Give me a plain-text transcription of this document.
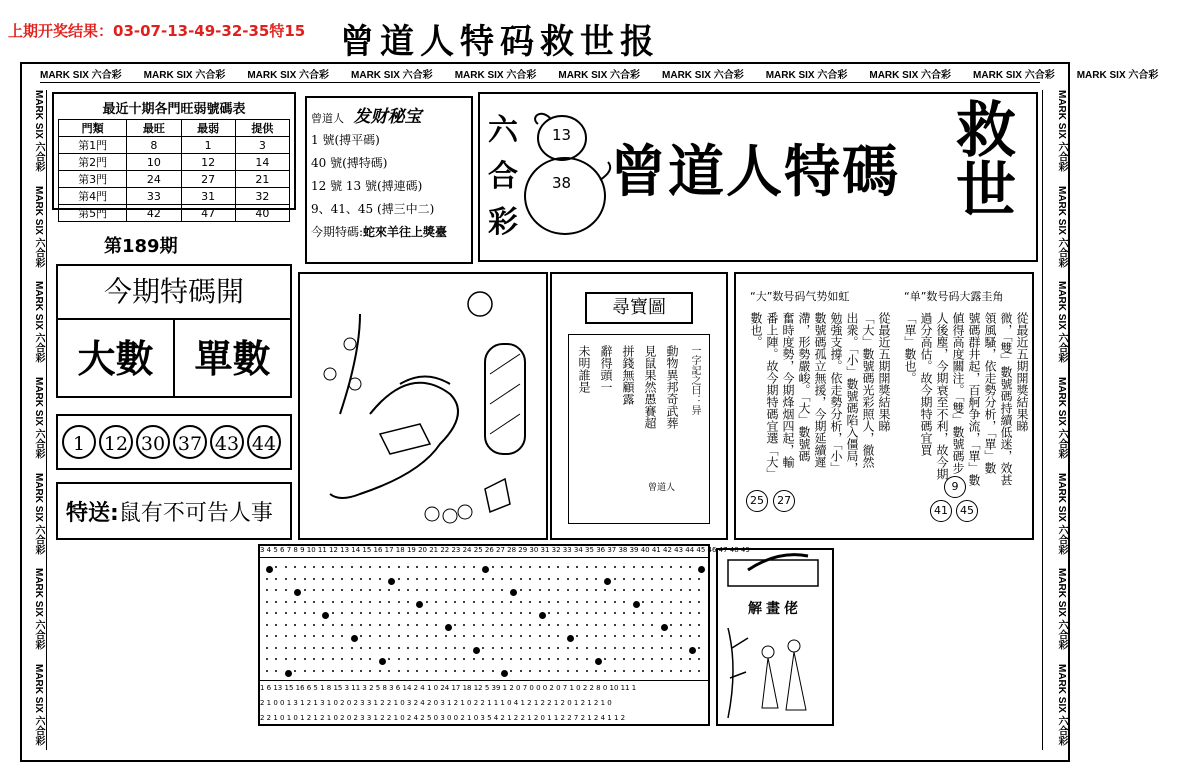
上期开奖结果：03-07-13-49-32-35特15 曾道人特码救世报
MARK SIX 六合彩 MARK SIX 六合彩 MARK SIX 六合彩 MARK SIX 六合彩 MARK SIX 六合彩 MARK SIX 六合彩 MARK SIX 六合彩 MARK SIX 六合彩 MARK SIX 六合彩 MARK SIX 六合彩 MARK SIX 六合彩
MARK SIX 六合彩MARK SIX 六合彩MARK SIX 六合彩MARK SIX 六合彩MARK SIX 六合彩MARK SIX 六合彩MARK SIX 六合彩
MARK SIX 六合彩MARK SIX 六合彩MARK SIX 六合彩MARK SIX 六合彩MARK SIX 六合彩MARK SIX 六合彩MARK SIX 六合彩
最近十期各門旺弱號碼表
門類	最旺	最弱	提供
第1門	8	1	3
第2門	10	12	14
第3門	24	27	21
第4門	33	31	32
第5門	42	47	40
曾道人 发财秘宝
1 號(搏平碼)
40 號(搏特碼)
12 號 13 號(搏連碼)
9、41、45 (搏三中二)
今期特碼:蛇來羊往上獎臺
六
合
彩
13
38 曾道人特碼 救世
第189期
今期特碼開
大數	單數
1 12 30 37 43 44
特送:鼠有不可告人事
尋寶圖
一字記之曰：异
動物異邦奇武葬
見鼠果然愚賽超
拼錢無顧露
辭得頭一
未明誰是
曾道人
“大”数号码气势如虹	“单”数号码大露圭角
從最近五期開獎結果睇
「大」數號碼光彩照人，徹然
出衆。「小」數號碼陷入僵局，
勉強支撐。依走勢分析，「小」
數號碼孤立無援，今期延續遲
滯，形勢嚴峻。「大」數號碼
奮時度勢，今期烽烟四起，輸
番上陣。故今期特碼宜選「大」
數也。	從最近五期開獎結果睇
微，「雙」數號碼持續低迷，效甚
領風騷，依走勢分析，「單」數
號碼群井起，百舸争流，「單」數
値得高度關注。「雙」數號碼步
人後塵，今期衰至不利，故今期
過分高估。故今期特碼宜買
「單」數也。
25 27
9
41	45
3 4 5 6 7 8 9 10 11 12 13 14 15 16 17 18 19 20 21 22 23 24 25 26 27 28 29 30 31 32 33 34 35 36 37 38 39 40 41 42 43 44 45 46 47 48 49
1 6 13 15 16 6 5 1 8 15 3 11 3 2 5 8 3 6 14 2 4 1 0 24 17 18 12 5 39 1 2 0 7 0 0 0 2 0 7 1 0 2 2 8 0 10 11 1
2 1 0 0 1 3 1 2 1 3 1 0 2 0 2 3 3 1 2 2 1 0 3 2 4 2 0 3 1 2 1 0 2 2 1 1 1 0 4 1 2 1 2 2 1 2 0 1 2 1 2 1 0
2 2 1 0 1 0 1 2 1 2 1 0 2 0 2 3 3 1 2 2 1 0 2 4 2 5 0 3 0 0 2 1 0 3 5 4 2 1 2 2 1 2 0 1 1 2 2 7 2 1 2 4 1 1 2
解畫佬
